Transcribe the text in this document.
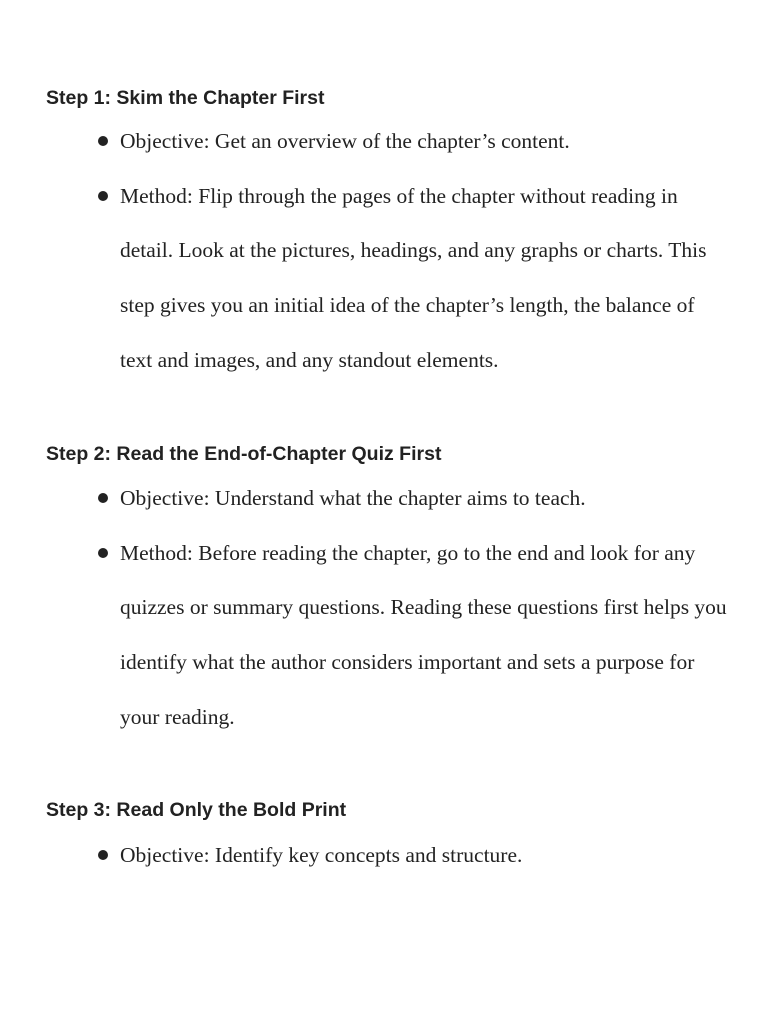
Step 1: Skim the Chapter First
Objective: Get an overview of the chapter’s content.
Method: Flip through the pages of the chapter without reading in detail. Look at the pictures, headings, and any graphs or charts. This step gives you an initial idea of the chapter’s length, the balance of text and images, and any standout elements.
Step 2: Read the End-of-Chapter Quiz First
Objective: Understand what the chapter aims to teach.
Method: Before reading the chapter, go to the end and look for any quizzes or summary questions. Reading these questions first helps you identify what the author considers important and sets a purpose for your reading.
Step 3: Read Only the Bold Print
Objective: Identify key concepts and structure.
